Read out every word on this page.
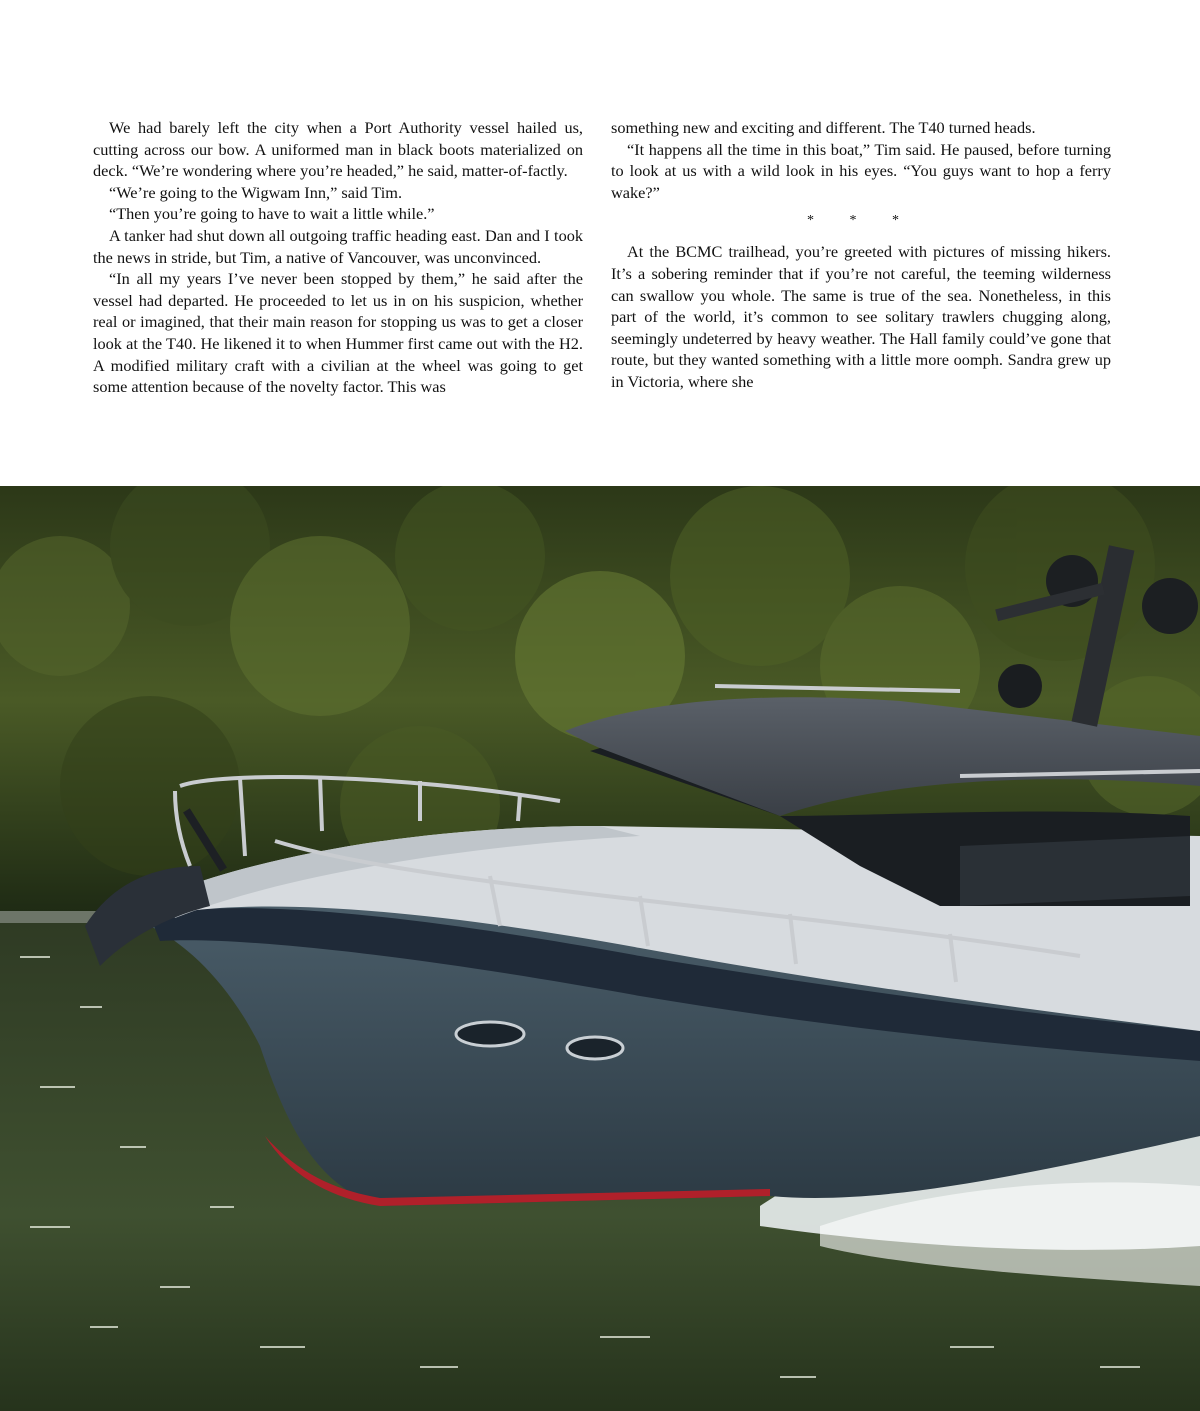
We had barely left the city when a Port Authority vessel hailed us, cutting across our bow. A uniformed man in black boots materialized on deck. “We’re wondering where you’re headed,” he said, matter-of-factly.

“We’re going to the Wigwam Inn,” said Tim.

“Then you’re going to have to wait a little while.”

A tanker had shut down all outgoing traffic heading east. Dan and I took the news in stride, but Tim, a native of Vancouver, was unconvinced.

“In all my years I’ve never been stopped by them,” he said after the vessel had departed. He proceeded to let us in on his suspicion, whether real or imagined, that their main reason for stopping us was to get a closer look at the T40. He likened it to when Hummer first came out with the H2. A modified military craft with a civilian at the wheel was going to get some attention because of the novelty factor. This was

something new and exciting and different. The T40 turned heads.

“It happens all the time in this boat,” Tim said. He paused, before turning to look at us with a wild look in his eyes. “You guys want to hop a ferry wake?”

* * *

At the BCMC trailhead, you’re greeted with pictures of missing hikers. It’s a sobering reminder that if you’re not careful, the teeming wilderness can swallow you whole. The same is true of the sea. Nonetheless, in this part of the world, it’s common to see solitary trawlers chugging along, seemingly undeterred by heavy weather. The Hall family could’ve gone that route, but they wanted something with a little more oomph. Sandra grew up in Victoria, where she
